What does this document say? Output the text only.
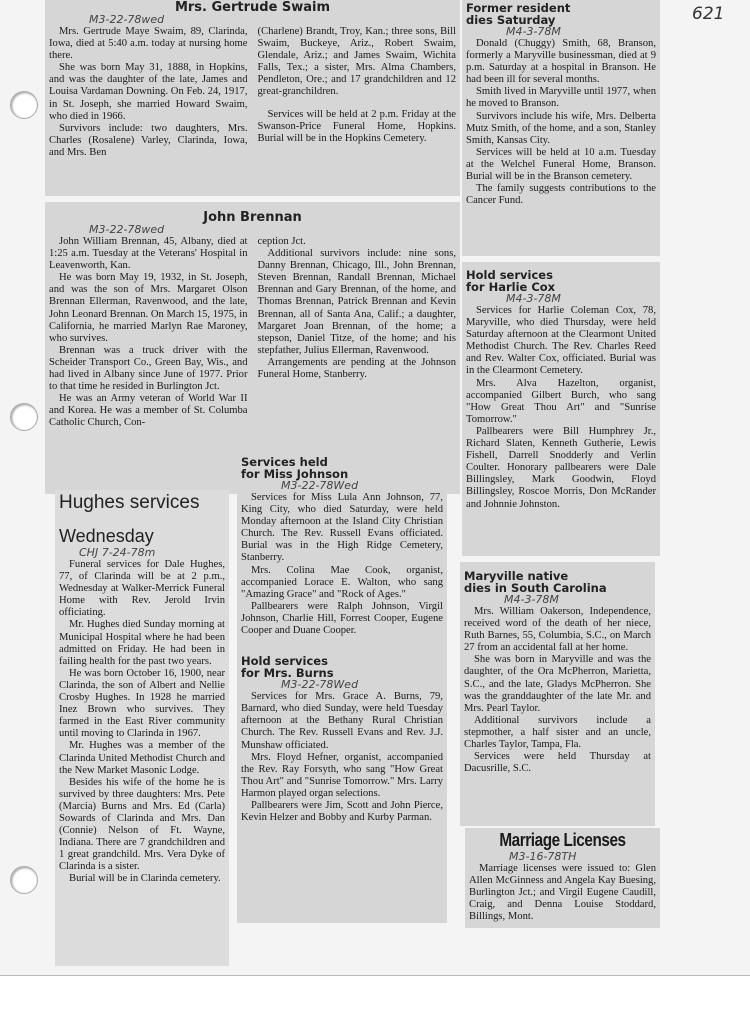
621
Mrs. Gertrude Swaim
M3-22-78wed

Mrs. Gertrude Maye Swaim, 89, Clarinda, Iowa, died at 5:40 a.m. today at nursing home there.

She was born May 31, 1888, in Hopkins, and was the daughter of the late, James and Louisa Vardaman Downing. On Feb. 24, 1917, in St. Joseph, she married Howard Swaim, who died in 1966.

Survivors include: two daughters, Mrs. Charles (Rosalene) Varley, Clarinda, Iowa, and Mrs. Ben

(Charlene) Brandt, Troy, Kan.; three sons, Bill Swaim, Buckeye, Ariz., Robert Swaim, Glendale, Ariz.; and James Swaim, Wichita Falls, Tex.; a sister, Mrs. Alma Chambers, Pendleton, Ore.; and 17 grandchildren and 12 great-granchildren.

Services will be held at 2 p.m. Friday at the Swanson-Price Funeral Home, Hopkins. Burial will be in the Hopkins Cemetery.

John Brennan
M3-22-78wed

John William Brennan, 45, Albany, died at 1:25 a.m. Tuesday at the Veterans' Hospital in Leavenworth, Kan.

He was born May 19, 1932, in St. Joseph, and was the son of Mrs. Margaret Olson Brennan Ellerman, Ravenwood, and the late, John Leonard Brennan. On March 15, 1975, in California, he married Marlyn Rae Maroney, who survives.

Brennan was a truck driver with the Scheider Transport Co., Green Bay, Wis., and had lived in Albany since June of 1977. Prior to that time he resided in Burlington Jct.

He was an Army veteran of World War II and Korea. He was a member of St. Columba Catholic Church, Con-

ception Jct.

Additional survivors include: nine sons, Danny Brennan, Chicago, Ill., John Brennan, Steven Brennan, Randall Brennan, Michael Brennan and Gary Brennan, of the home, and Thomas Brennan, Patrick Brennan and Kevin Brennan, all of Santa Ana, Calif.; a daughter, Margaret Joan Brennan, of the home; a stepson, Daniel Titze, of the home; and his stepfather, Julius Ellerman, Ravenwood.

Arrangements are pending at the Johnson Funeral Home, Stanberry.

Hughes services
Wednesday
CHJ 7-24-78m

Funeral services for Dale Hughes, 77, of Clarinda will be at 2 p.m., Wednesday at Walker-Merrick Funeral Home with Rev. Jerold Irvin officiating.

Mr. Hughes died Sunday morning at Municipal Hospital where he had been admitted on Friday. He had been in failing health for the past two years.

He was born October 16, 1900, near Clarinda, the son of Albert and Nellie Crosby Hughes. In 1928 he married Inez Brown who survives. They farmed in the East River community until moving to Clarinda in 1967.

Mr. Hughes was a member of the Clarinda United Methodist Church and the New Market Masonic Lodge.

Besides his wife of the home he is survived by three daughters: Mrs. Pete (Marcia) Burns and Mrs. Ed (Carla) Sowards of Clarinda and Mrs. Dan (Connie) Nelson of Ft. Wayne, Indiana. There are 7 grandchildren and 1 great grandchild. Mrs. Vera Dyke of Clarinda is a sister.

Burial will be in Clarinda cemetery.

Services held
for Miss Johnson
M3-22-78Wed

Services for Miss Lula Ann Johnson, 77, King City, who died Saturday, were held Monday afternoon at the Island City Christian Church. The Rev. Russell Evans officiated. Burial was in the High Ridge Cemetery, Stanberry.

Mrs. Colina Mae Cook, organist, accompanied Lorace E. Walton, who sang "Amazing Grace" and "Rock of Ages."

Pallbearers were Ralph Johnson, Virgil Johnson, Charlie Hill, Forrest Cooper, Eugene Cooper and Duane Cooper.

Hold services
for Mrs. Burns
M3-22-78Wed

Services for Mrs. Grace A. Burns, 79, Barnard, who died Sunday, were held Tuesday afternoon at the Bethany Rural Christian Church. The Rev. Russell Evans and Rev. J.J. Munshaw officiated.

Mrs. Floyd Hefner, organist, accompanied the Rev. Ray Forsyth, who sang "How Great Thou Art" and "Sunrise Tomorrow." Mrs. Larry Harmon played organ selections.

Pallbearers were Jim, Scott and John Pierce, Kevin Helzer and Bobby and Kurby Parman.

Former resident
dies Saturday
M4-3-78M

Donald (Chuggy) Smith, 68, Branson, formerly a Maryville businessman, died at 9 p.m. Saturday at a hospital in Branson. He had been ill for several months.

Smith lived in Maryville until 1977, when he moved to Branson.

Survivors include his wife, Mrs. Delberta Mutz Smith, of the home, and a son, Stanley Smith, Kansas City.

Services will be held at 10 a.m. Tuesday at the Welchel Funeral Home, Branson. Burial will be in the Branson cemetery.

The family suggests contributions to the Cancer Fund.

Hold services
for Harlie Cox
M4-3-78M

Services for Harlie Coleman Cox, 78, Maryville, who died Thursday, were held Saturday afternoon at the Clearmont United Methodist Church. The Rev. Charles Reed and Rev. Walter Cox, officiated. Burial was in the Clearmont Cemetery.

Mrs. Alva Hazelton, organist, accompanied Gilbert Burch, who sang "How Great Thou Art" and "Sunrise Tomorrow."

Pallbearers were Bill Humphrey Jr., Richard Slaten, Kenneth Gutherie, Lewis Fishell, Darrell Snodderly and Verlin Coulter. Honorary pallbearers were Dale Billingsley, Mark Goodwin, Floyd Billingsley, Roscoe Morris, Don McRander and Johnnie Johnston.

Maryville native
dies in South Carolina
M4-3-78M

Mrs. William Oakerson, Independence, received word of the death of her niece, Ruth Barnes, 55, Columbia, S.C., on March 27 from an accidental fall at her home.

She was born in Maryville and was the daughter, of the Ora McPherron, Marietta, S.C., and the late, Gladys McPherron. She was the granddaughter of the late Mr. and Mrs. Pearl Taylor.

Additional survivors include a stepmother, a half sister and an uncle, Charles Taylor, Tampa, Fla.

Services were held Thursday at Dacusrille, S.C.

Marriage Licenses
M3-16-78TH

Marriage licenses were issued to: Glen Allen McGinness and Angela Kay Buesing, Burlington Jct.; and Virgil Eugene Caudill, Craig, and Denna Louise Stoddard, Billings, Mont.
